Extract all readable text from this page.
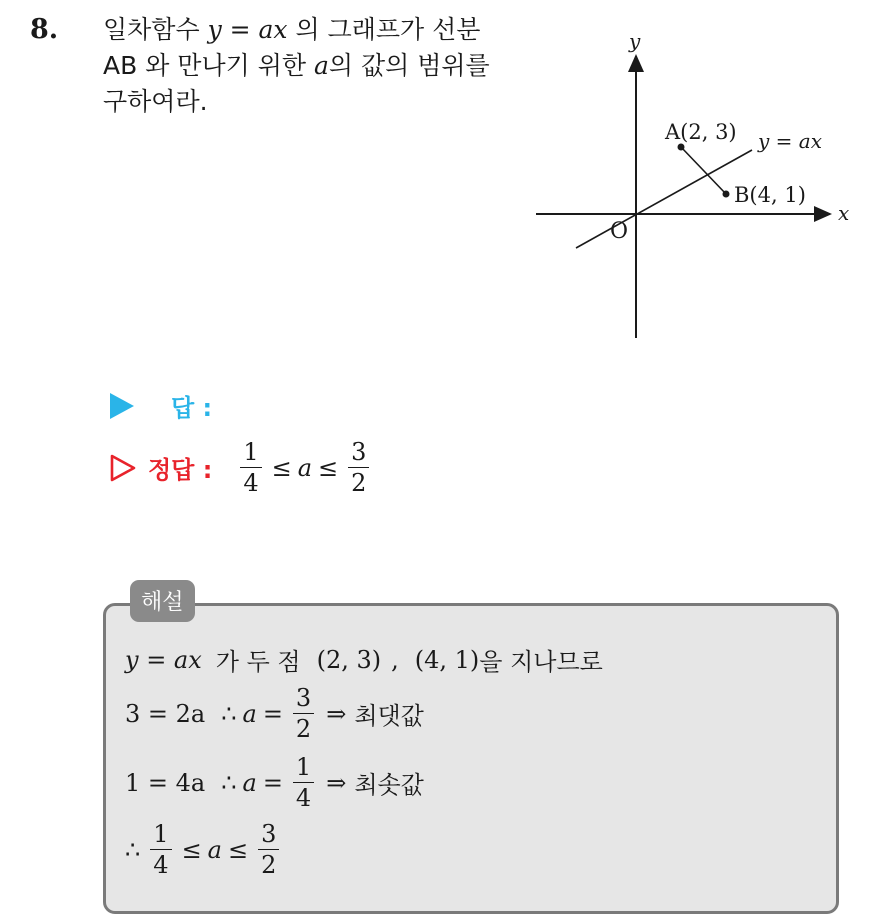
8. 일차함수 y = ax 의 그래프가 선분
AB 와 만나기 위한 a의 값의 범위를
구하여라.
y
x
O
A(2, 3)
B(4, 1)
y = ax
답 :
정답 : $\frac{1}{4} \le a \le \frac{3}{2}$
해설
y = ax 가 두 점 (2, 3) , (4, 1) 을 지나므로
3 = 2a ∴ $a = \frac{3}{2}$ ⇒ 최댓값
1 = 4a ∴ $a = \frac{1}{4}$ ⇒ 최솟값
∴ $\frac{1}{4} \le a \le \frac{3}{2}$
